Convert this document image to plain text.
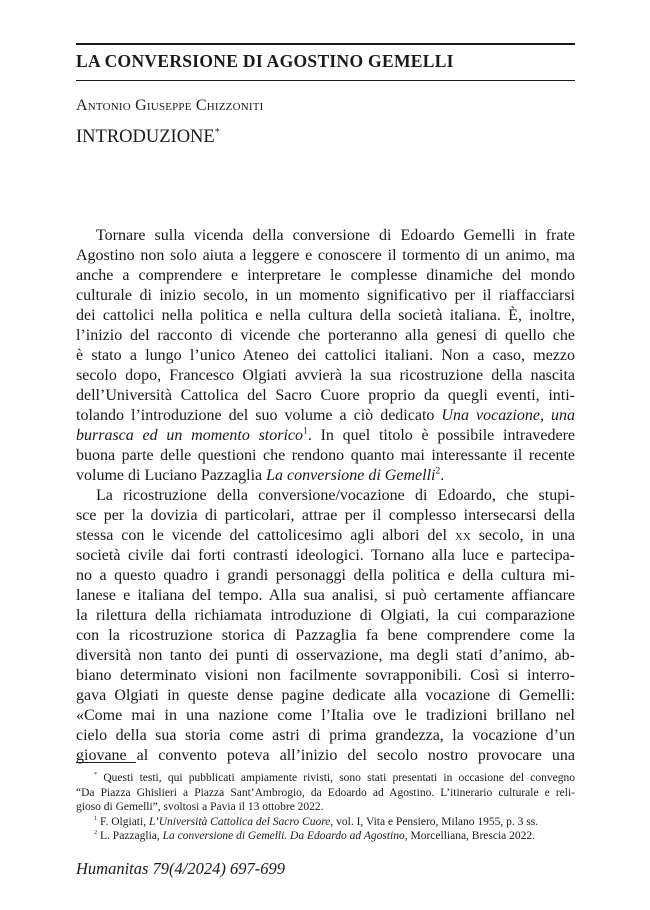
LA CONVERSIONE DI AGOSTINO GEMELLI
Antonio Giuseppe Chizzoniti
INTRODUZIONE*
Tornare sulla vicenda della conversione di Edoardo Gemelli in frate
Agostino non solo aiuta a leggere e conoscere il tormento di un animo, ma
anche a comprendere e interpretare le complesse dinamiche del mondo
culturale di inizio secolo, in un momento significativo per il riaffacciarsi
dei cattolici nella politica e nella cultura della società italiana. È, inoltre,
l’inizio del racconto di vicende che porteranno alla genesi di quello che
è stato a lungo l’unico Ateneo dei cattolici italiani. Non a caso, mezzo
secolo dopo, Francesco Olgiati avvierà la sua ricostruzione della nascita
dell’Università Cattolica del Sacro Cuore proprio da quegli eventi, inti-
tolando l’introduzione del suo volume a ciò dedicato Una vocazione, una
burrasca ed un momento storico$^1$. In quel titolo è possibile intravedere
buona parte delle questioni che rendono quanto mai interessante il recente
volume di Luciano Pazzaglia La conversione di Gemelli$^2$.
La ricostruzione della conversione/vocazione di Edoardo, che stupi-
sce per la dovizia di particolari, attrae per il complesso intersecarsi della
stessa con le vicende del cattolicesimo agli albori del xx secolo, in una
società civile dai forti contrasti ideologici. Tornano alla luce e partecipa-
no a questo quadro i grandi personaggi della politica e della cultura mi-
lanese e italiana del tempo. Alla sua analisi, si può certamente affiancare
la rilettura della richiamata introduzione di Olgiati, la cui comparazione
con la ricostruzione storica di Pazzaglia fa bene comprendere come la
diversità non tanto dei punti di osservazione, ma degli stati d’animo, ab-
biano determinato visioni non facilmente sovrapponibili. Così si interro-
gava Olgiati in queste dense pagine dedicate alla vocazione di Gemelli:
«Come mai in una nazione come l’Italia ove le tradizioni brillano nel
cielo della sua storia come astri di prima grandezza, la vocazione d’un
giovane al convento poteva all’inizio del secolo nostro provocare una
* Questi testi, qui pubblicati ampiamente rivisti, sono stati presentati in occasione del convegno
“Da Piazza Ghislieri a Piazza Sant’Ambrogio, da Edoardo ad Agostino. L’itinerario culturale e reli-
gioso di Gemelli”, svoltosi a Pavia il 13 ottobre 2022.
$^1$ F. Olgiati, L’Università Cattolica del Sacro Cuore, vol. I, Vita e Pensiero, Milano 1955, p. 3 ss.
$^2$ L. Pazzaglia, La conversione di Gemelli. Da Edoardo ad Agostino, Morcelliana, Brescia 2022.
Humanitas 79(4/2024) 697-699
